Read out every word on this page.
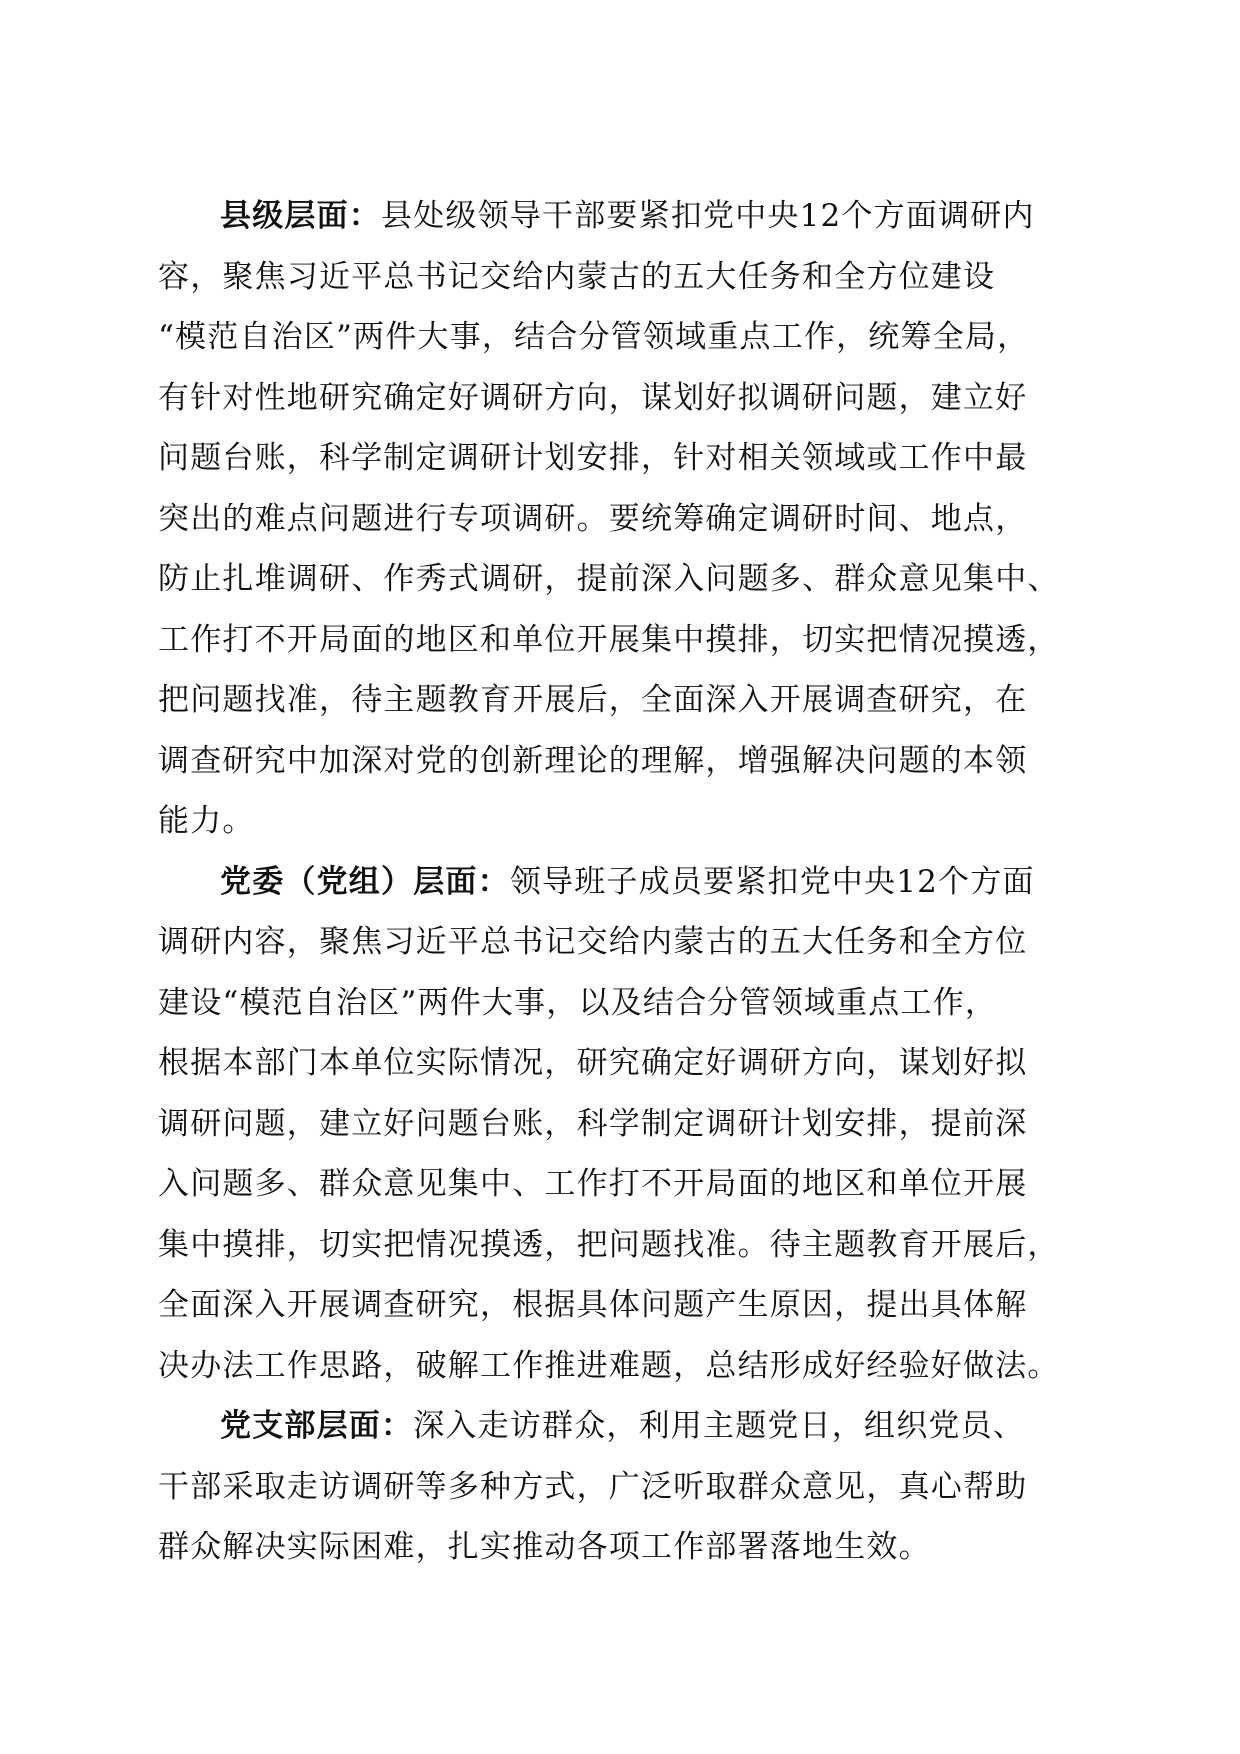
县级层面：县处级领导干部要紧扣党中央12个方面调研内
容，聚焦习近平总书记交给内蒙古的五大任务和全方位建设
“模范自治区”两件大事，结合分管领域重点工作，统筹全局，
有针对性地研究确定好调研方向，谋划好拟调研问题，建立好
问题台账，科学制定调研计划安排，针对相关领域或工作中最
突出的难点问题进行专项调研。要统筹确定调研时间、地点，
防止扎堆调研、作秀式调研，提前深入问题多、群众意见集中、
工作打不开局面的地区和单位开展集中摸排，切实把情况摸透，
把问题找准，待主题教育开展后，全面深入开展调查研究，在
调查研究中加深对党的创新理论的理解，增强解决问题的本领
能力。

党委（党组）层面：领导班子成员要紧扣党中央12个方面
调研内容，聚焦习近平总书记交给内蒙古的五大任务和全方位
建设“模范自治区”两件大事，以及结合分管领域重点工作，
根据本部门本单位实际情况，研究确定好调研方向，谋划好拟
调研问题，建立好问题台账，科学制定调研计划安排，提前深
入问题多、群众意见集中、工作打不开局面的地区和单位开展
集中摸排，切实把情况摸透，把问题找准。待主题教育开展后，
全面深入开展调查研究，根据具体问题产生原因，提出具体解
决办法工作思路，破解工作推进难题，总结形成好经验好做法。

党支部层面：深入走访群众，利用主题党日，组织党员、
干部采取走访调研等多种方式，广泛听取群众意见，真心帮助
群众解决实际困难，扎实推动各项工作部署落地生效。
